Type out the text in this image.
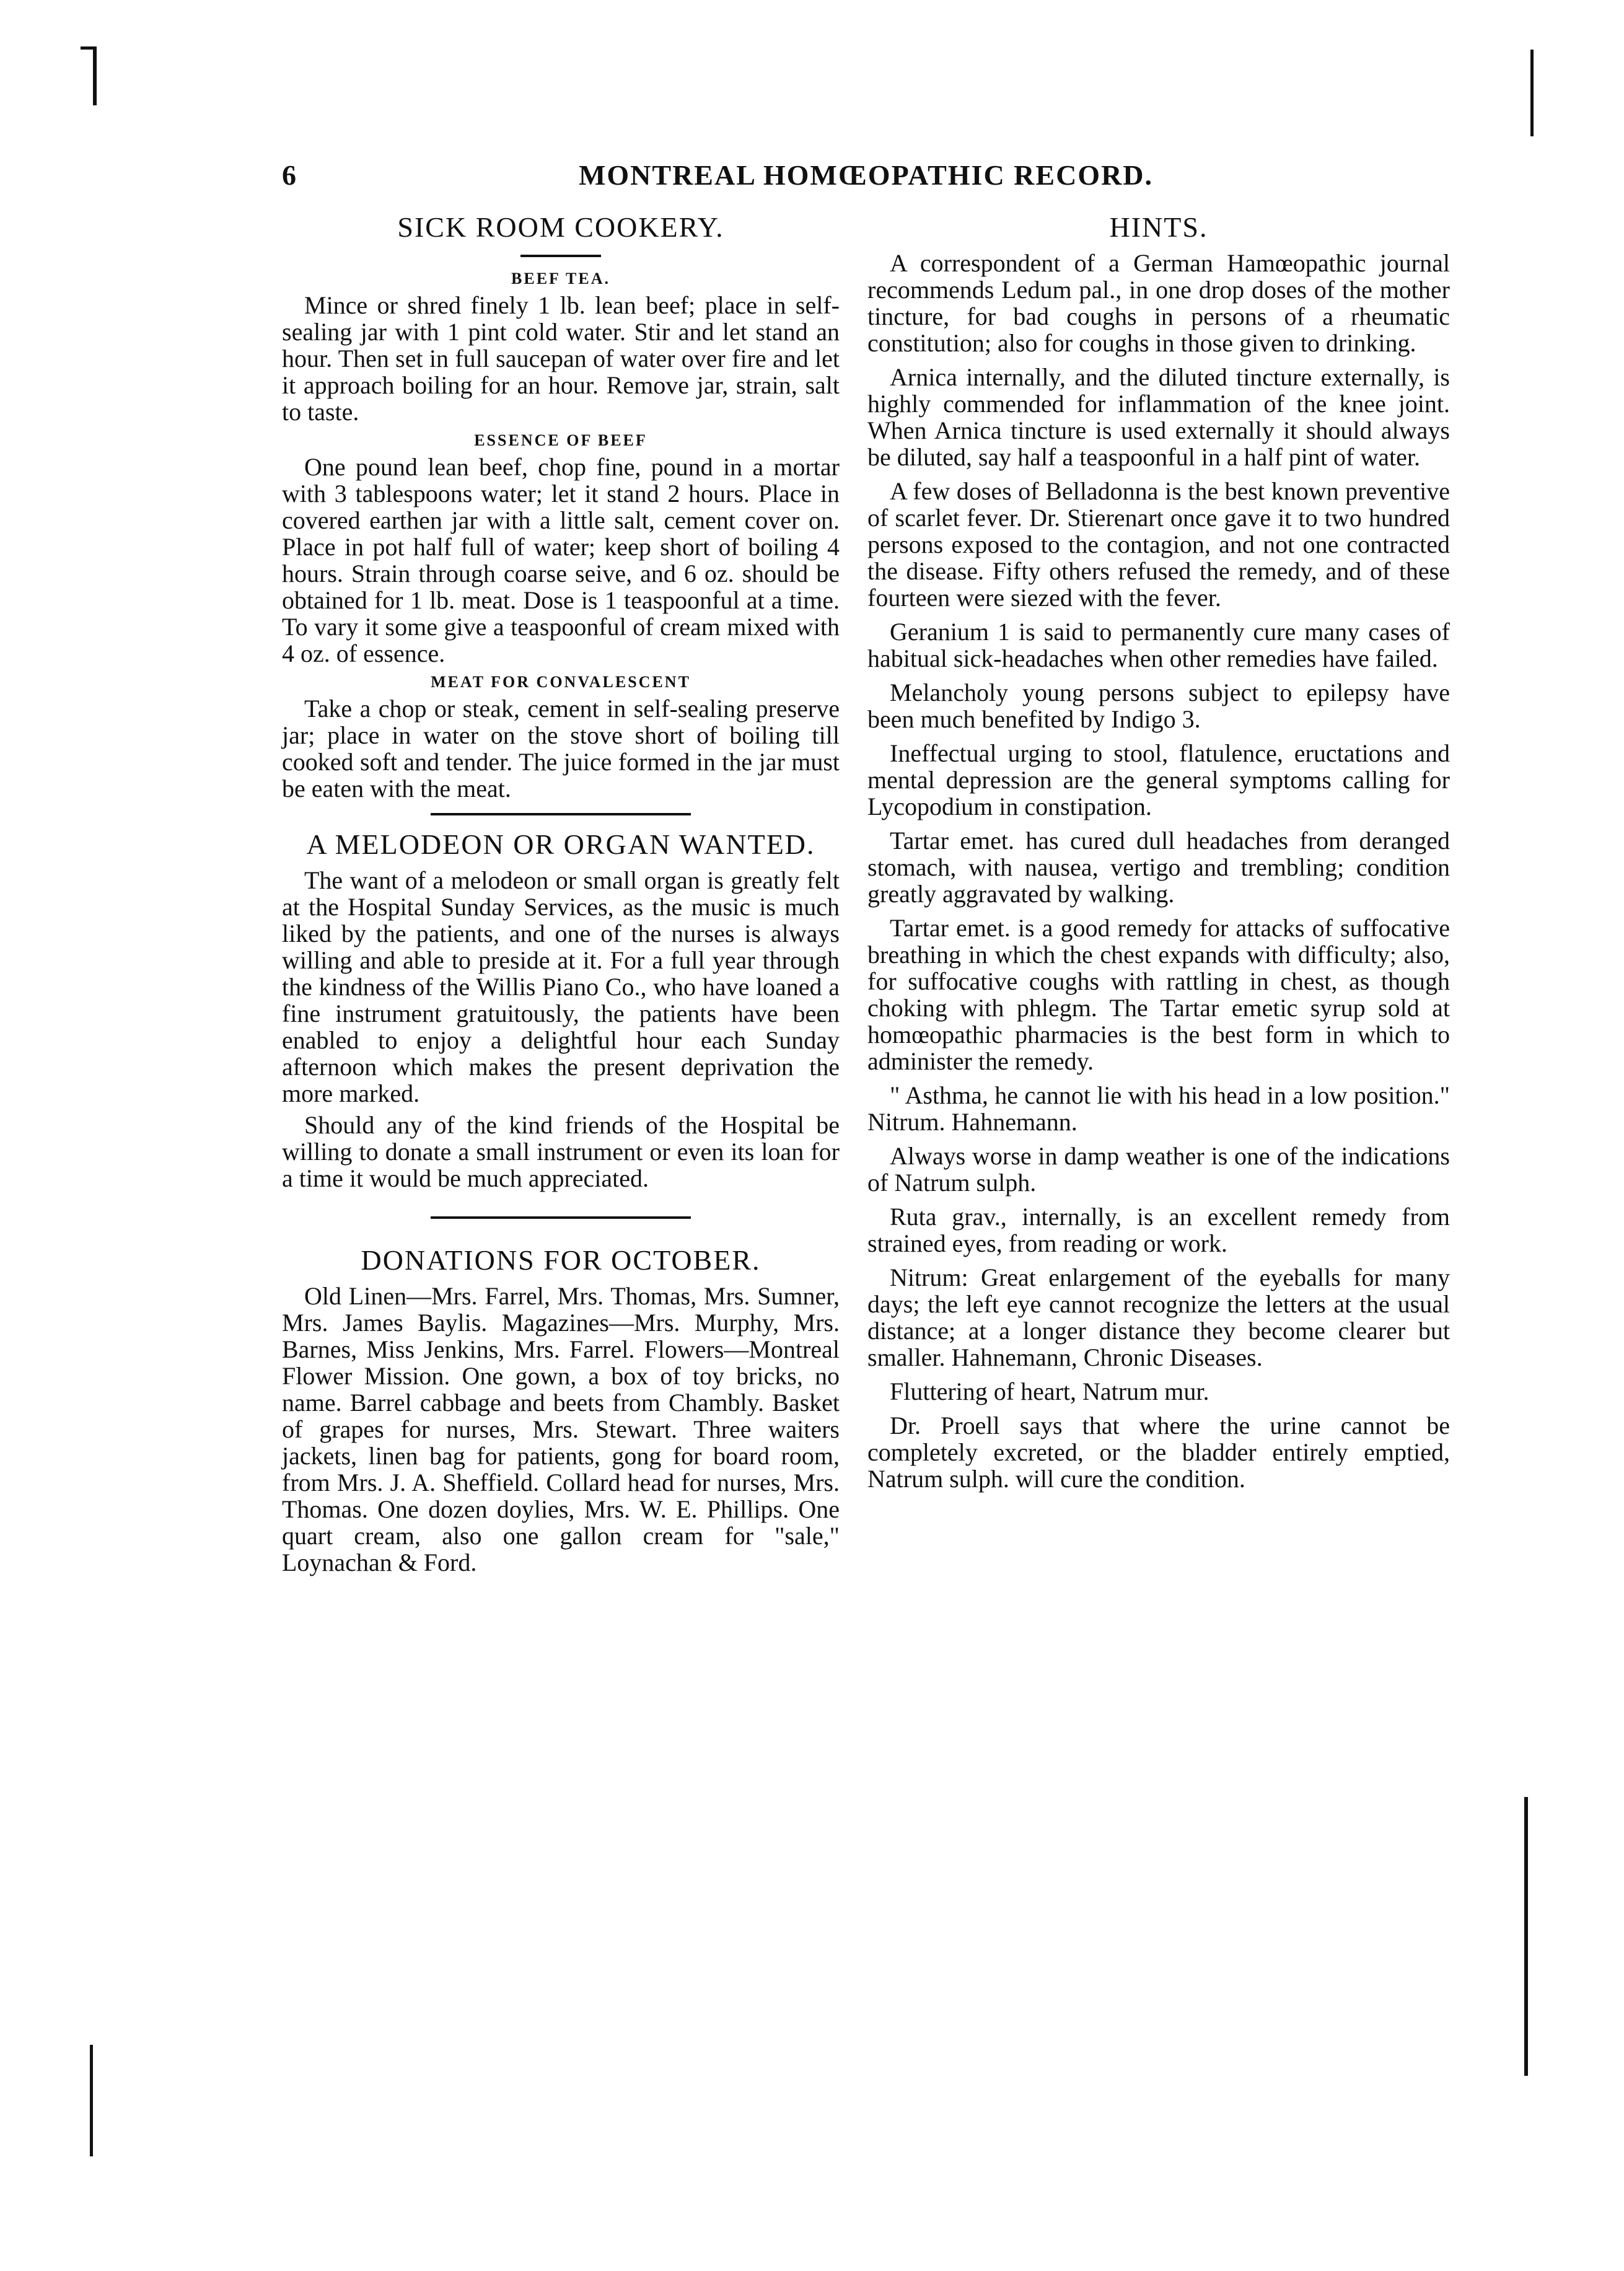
6	MONTREAL HOMŒOPATHIC RECORD.
SICK ROOM COOKERY.
BEEF TEA.

Mince or shred finely 1 lb. lean beef; place in self-sealing jar with 1 pint cold water. Stir and let stand an hour. Then set in full saucepan of water over fire and let it approach boiling for an hour. Remove jar, strain, salt to taste.

ESSENCE OF BEEF

One pound lean beef, chop fine, pound in a mortar with 3 tablespoons water; let it stand 2 hours. Place in covered earthen jar with a little salt, cement cover on. Place in pot half full of water; keep short of boiling 4 hours. Strain through coarse seive, and 6 oz. should be obtained for 1 lb. meat. Dose is 1 teaspoonful at a time. To vary it some give a teaspoonful of cream mixed with 4 oz. of essence.

MEAT FOR CONVALESCENT

Take a chop or steak, cement in self-sealing preserve jar; place in water on the stove short of boiling till cooked soft and tender. The juice formed in the jar must be eaten with the meat.

A MELODEON OR ORGAN WANTED.

The want of a melodeon or small organ is greatly felt at the Hospital Sunday Services, as the music is much liked by the patients, and one of the nurses is always willing and able to preside at it. For a full year through the kindness of the Willis Piano Co., who have loaned a fine instrument gratuitously, the patients have been enabled to enjoy a delightful hour each Sunday afternoon which makes the present deprivation the more marked.

Should any of the kind friends of the Hospital be willing to donate a small instrument or even its loan for a time it would be much appreciated.

DONATIONS FOR OCTOBER.

Old Linen—Mrs. Farrel, Mrs. Thomas, Mrs. Sumner, Mrs. James Baylis. Magazines—Mrs. Murphy, Mrs. Barnes, Miss Jenkins, Mrs. Farrel. Flowers—Montreal Flower Mission. One gown, a box of toy bricks, no name. Barrel cabbage and beets from Chambly. Basket of grapes for nurses, Mrs. Stewart. Three waiters jackets, linen bag for patients, gong for board room, from Mrs. J. A. Sheffield. Collard head for nurses, Mrs. Thomas. One dozen doylies, Mrs. W. E. Phillips. One quart cream, also one gallon cream for "sale," Loynachan & Ford.

HINTS.

A correspondent of a German Hamœopathic journal recommends Ledum pal., in one drop doses of the mother tincture, for bad coughs in persons of a rheumatic constitution; also for coughs in those given to drinking.

Arnica internally, and the diluted tincture externally, is highly commended for inflammation of the knee joint. When Arnica tincture is used externally it should always be diluted, say half a teaspoonful in a half pint of water.

A few doses of Belladonna is the best known preventive of scarlet fever. Dr. Stierenart once gave it to two hundred persons exposed to the contagion, and not one contracted the disease. Fifty others refused the remedy, and of these fourteen were siezed with the fever.

Geranium 1 is said to permanently cure many cases of habitual sick-headaches when other remedies have failed.

Melancholy young persons subject to epilepsy have been much benefited by Indigo 3.

Ineffectual urging to stool, flatulence, eructations and mental depression are the general symptoms calling for Lycopodium in constipation.

Tartar emet. has cured dull headaches from deranged stomach, with nausea, vertigo and trembling; condition greatly aggravated by walking.

Tartar emet. is a good remedy for attacks of suffocative breathing in which the chest expands with difficulty; also, for suffocative coughs with rattling in chest, as though choking with phlegm. The Tartar emetic syrup sold at homœopathic pharmacies is the best form in which to administer the remedy.

" Asthma, he cannot lie with his head in a low position." Nitrum. Hahnemann.

Always worse in damp weather is one of the indications of Natrum sulph.

Ruta grav., internally, is an excellent remedy from strained eyes, from reading or work.

Nitrum: Great enlargement of the eyeballs for many days; the left eye cannot recognize the letters at the usual distance; at a longer distance they become clearer but smaller. Hahnemann, Chronic Diseases.

Fluttering of heart, Natrum mur.

Dr. Proell says that where the urine cannot be completely excreted, or the bladder entirely emptied, Natrum sulph. will cure the condition.
